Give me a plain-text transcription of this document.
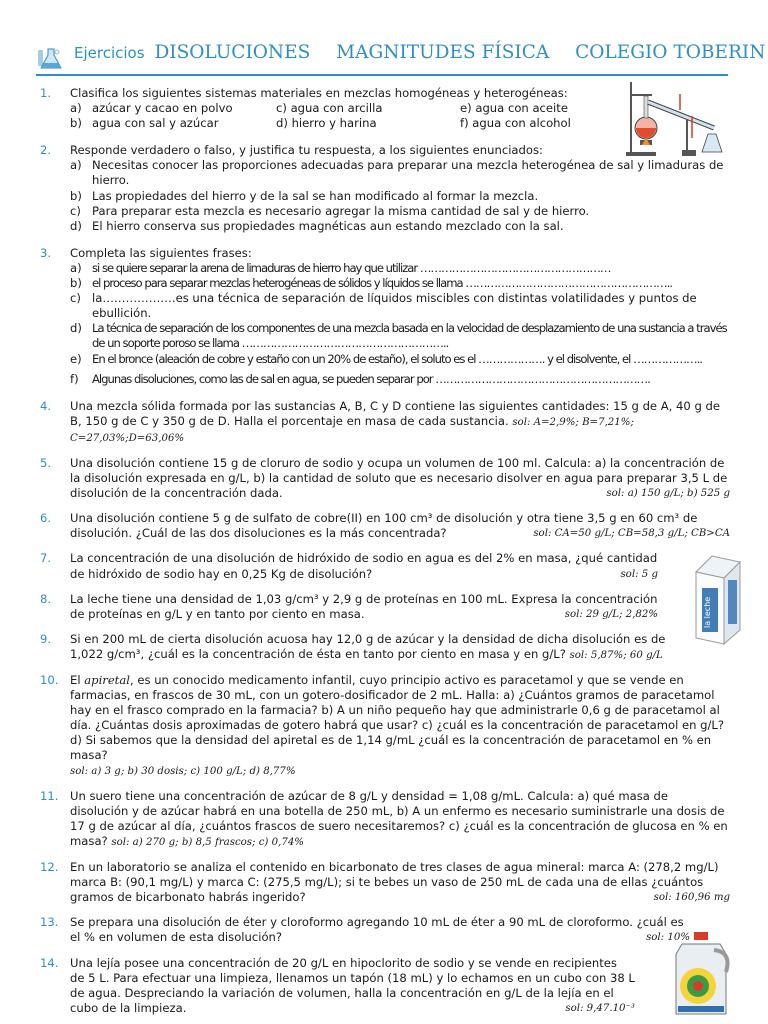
Ejercicios DISOLUCIONES MAGNITUDES FÍSICA COLEGIO TOBERIN
la leche
1.	Clasifica los siguientes sistemas materiales en mezclas homogéneas y heterogéneas:
a) azúcar y cacao en polvo	c) agua con arcilla	e) agua con aceite
b) agua con sal y azúcar	d) hierro y harina	f) agua con alcohol
2.	Responde verdadero o falso, y justifica tu respuesta, a los siguientes enunciados:
a) Necesitas conocer las proporciones adecuadas para preparar una mezcla heterogénea de sal y limaduras de hierro.
b) Las propiedades del hierro y de la sal se han modificado al formar la mezcla.
c) Para preparar esta mezcla es necesario agregar la misma cantidad de sal y de hierro.
d) El hierro conserva sus propiedades magnéticas aun estando mezclado con la sal.
3.	Completa las siguientes frases:
a) si se quiere separar la arena de limaduras de hierro hay que utilizar ………………………………………………
b) el proceso para separar mezclas heterogéneas de sólidos y líquidos se llama …………………………………………………..
c) la……………….es una técnica de separación de líquidos miscibles con distintas volatilidades y puntos de ebullición.
d) La técnica de separación de los componentes de una mezcla basada en la velocidad de desplazamiento de una sustancia a través de un soporte poroso se llama …………………………………………………..
e) En el bronce (aleación de cobre y estaño con un 20% de estaño), el soluto es el ………………. y el disolvente, el ………………..
f)	Algunas disoluciones, como las de sal en agua, se pueden separar por …………………………………………………….
4.	Una mezcla sólida formada por las sustancias A, B, C y D contiene las siguientes cantidades: 15 g de A, 40 g de B, 150 g de C y 350 g de D. Halla el porcentaje en masa de cada sustancia. sol: A=2,9%; B=7,21%; C=27,03%;D=63,06%
5.	Una disolución contiene 15 g de cloruro de sodio y ocupa un volumen de 100 ml. Calcula: a) la concentración de la disolución expresada en g/L, b) la cantidad de soluto que es necesario disolver en agua para preparar 3,5 L de disolución de la concentración dada.	sol: a) 150 g/L; b) 525 g
6.	Una disolución contiene 5 g de sulfato de cobre(II) en 100 cm³ de disolución y otra tiene 3,5 g en 60 cm³ de disolución. ¿Cuál de las dos disoluciones es la más concentrada?	sol: CA=50 g/L; CB=58,3 g/L; CB>CA
7.	La concentración de una disolución de hidróxido de sodio en agua es del 2% en masa, ¿qué cantidad de hidróxido de sodio hay en 0,25 Kg de disolución?	sol: 5 g
8.	La leche tiene una densidad de 1,03 g/cm³ y 2,9 g de proteínas en 100 mL. Expresa la concentración de proteínas en g/L y en tanto por ciento en masa.	sol: 29 g/L; 2,82%
9.	Si en 200 mL de cierta disolución acuosa hay 12,0 g de azúcar y la densidad de dicha disolución es de 1,022 g/cm³, ¿cuál es la concentración de ésta en tanto por ciento en masa y en g/L? sol: 5,87%; 60 g/L
10. El apiretal, es un conocido medicamento infantil, cuyo principio activo es paracetamol y que se vende en farmacias, en frascos de 30 mL, con un gotero-dosificador de 2 mL. Halla: a) ¿Cuántos gramos de paracetamol hay en el frasco comprado en la farmacia? b) A un niño pequeño hay que administrarle 0,6 g de paracetamol al día. ¿Cuántas dosis aproximadas de gotero habrá que usar? c) ¿cuál es la concentración de paracetamol en g/L? d) Si sabemos que la densidad del apiretal es de 1,14 g/mL ¿cuál es la concentración de paracetamol en % en masa?
sol: a) 3 g; b) 30 dosis; c) 100 g/L; d) 8,77%
11. Un suero tiene una concentración de azúcar de 8 g/L y densidad = 1,08 g/mL. Calcula: a) qué masa de disolución y de azúcar habrá en una botella de 250 mL, b) A un enfermo es necesario suministrarle una dosis de 17 g de azúcar al día, ¿cuántos frascos de suero necesitaremos? c) ¿cuál es la concentración de glucosa en % en masa? sol: a) 270 g; b) 8,5 frascos; c) 0,74%
12. En un laboratorio se analiza el contenido en bicarbonato de tres clases de agua mineral: marca A: (278,2 mg/L) marca B: (90,1 mg/L) y marca C: (275,5 mg/L); si te bebes un vaso de 250 mL de cada una de ellas ¿cuántos gramos de bicarbonato habrás ingerido?	sol: 160,96 mg
13. Se prepara una disolución de éter y cloroformo agregando 10 mL de éter a 90 mL de cloroformo. ¿cuál es el % en volumen de esta disolución?	sol: 10%
14. Una lejía posee una concentración de 20 g/L en hipoclorito de sodio y se vende en recipientes de 5 L. Para efectuar una limpieza, llenamos un tapón (18 mL) y lo echamos en un cubo con 38 L de agua. Despreciando la variación de volumen, halla la concentración en g/L de la lejía en el cubo de la limpieza.	sol: 9,47.10⁻³
